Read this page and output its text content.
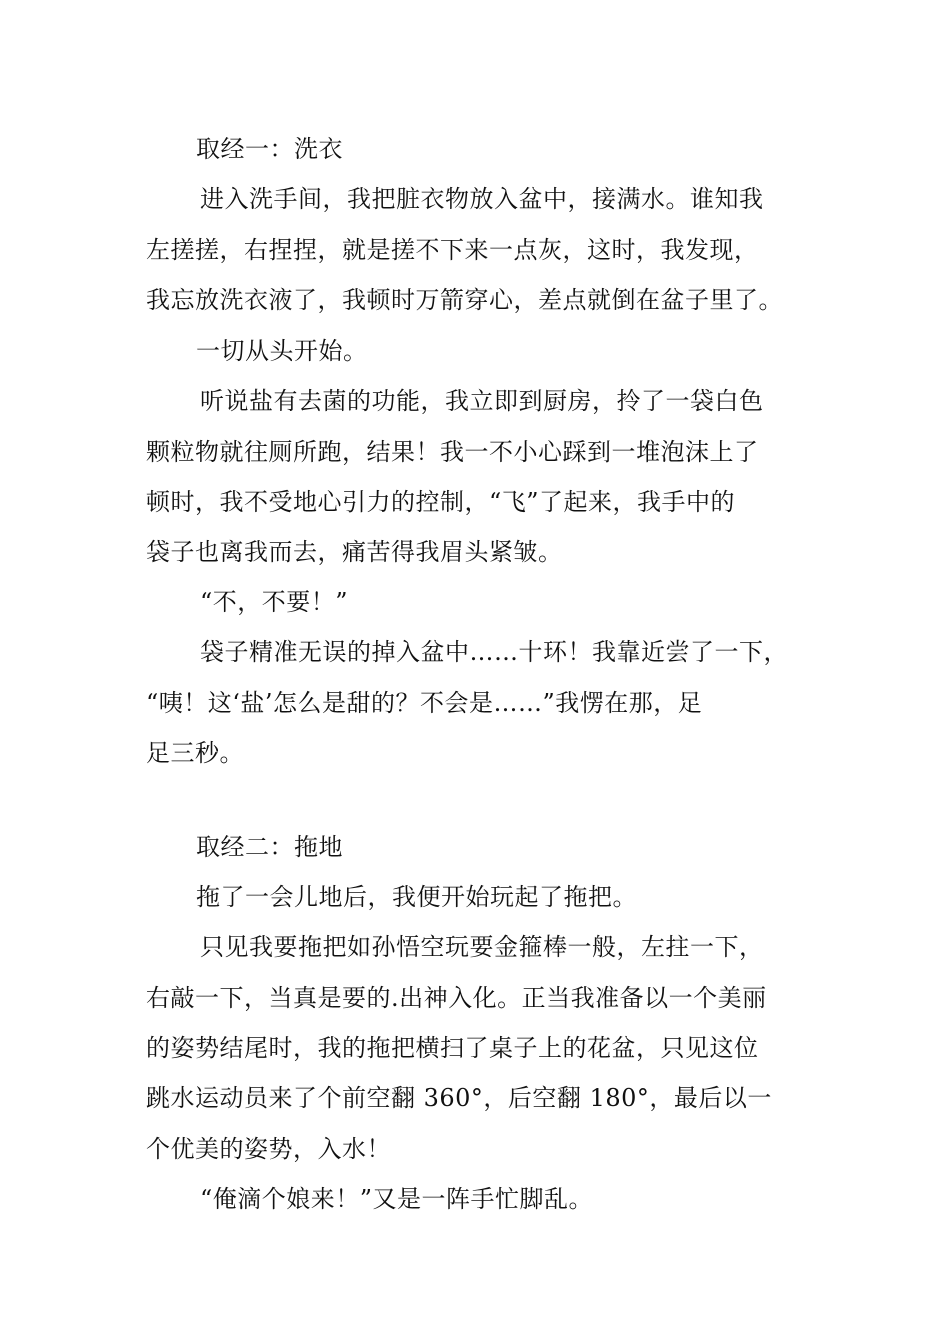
取经一：洗衣
进入洗手间，我把脏衣物放入盆中，接满水。谁知我
左搓搓，右捏捏，就是搓不下来一点灰，这时，我发现，
我忘放洗衣液了，我顿时万箭穿心，差点就倒在盆子里了。
一切从头开始。
听说盐有去菌的功能，我立即到厨房，拎了一袋白色
颗粒物就往厕所跑，结果！我一不小心踩到一堆泡沫上了
顿时，我不受地心引力的控制，“飞”了起来，我手中的
袋子也离我而去，痛苦得我眉头紧皱。
“不，不要！”
袋子精准无误的掉入盆中……十环！我靠近尝了一下，
“咦！这‘盐’怎么是甜的？不会是……”我愣在那，足
足三秒。
取经二：拖地
拖了一会儿地后，我便开始玩起了拖把。
只见我要拖把如孙悟空玩要金箍棒一般，左拄一下，
右敲一下，当真是要的.出神入化。正当我准备以一个美丽
的姿势结尾时，我的拖把横扫了桌子上的花盆，只见这位
跳水运动员来了个前空翻 360°，后空翻 180°，最后以一
个优美的姿势，入水！
“俺滴个娘来！”又是一阵手忙脚乱。
